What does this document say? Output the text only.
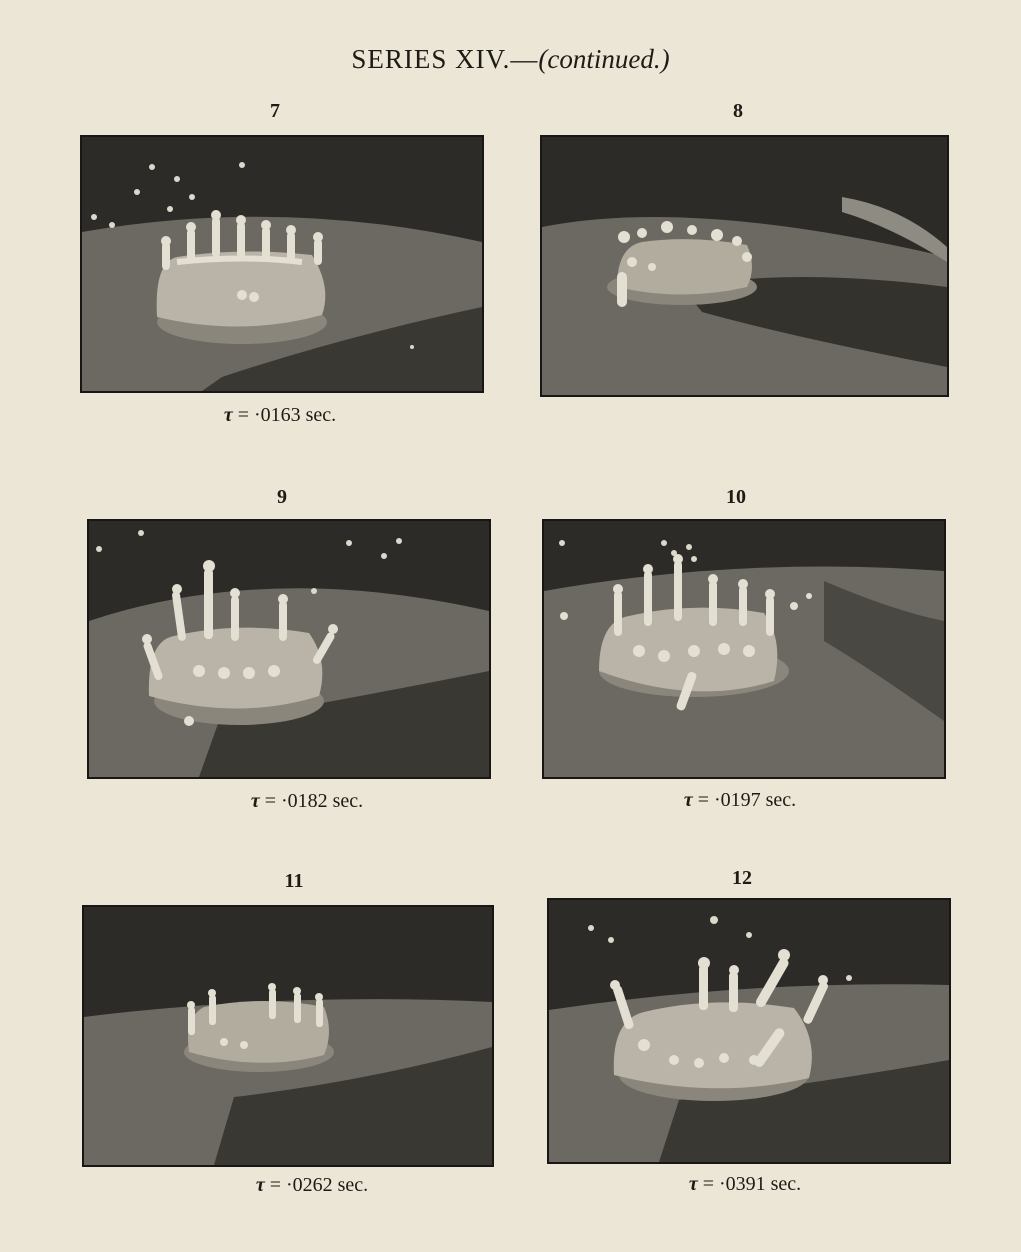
SERIES XIV.—(continued.)
7
τ = ·0163 sec.
8
9
τ = ·0182 sec.
10
τ = ·0197 sec.
11
τ = ·0262 sec.
12
τ = ·0391 sec.
